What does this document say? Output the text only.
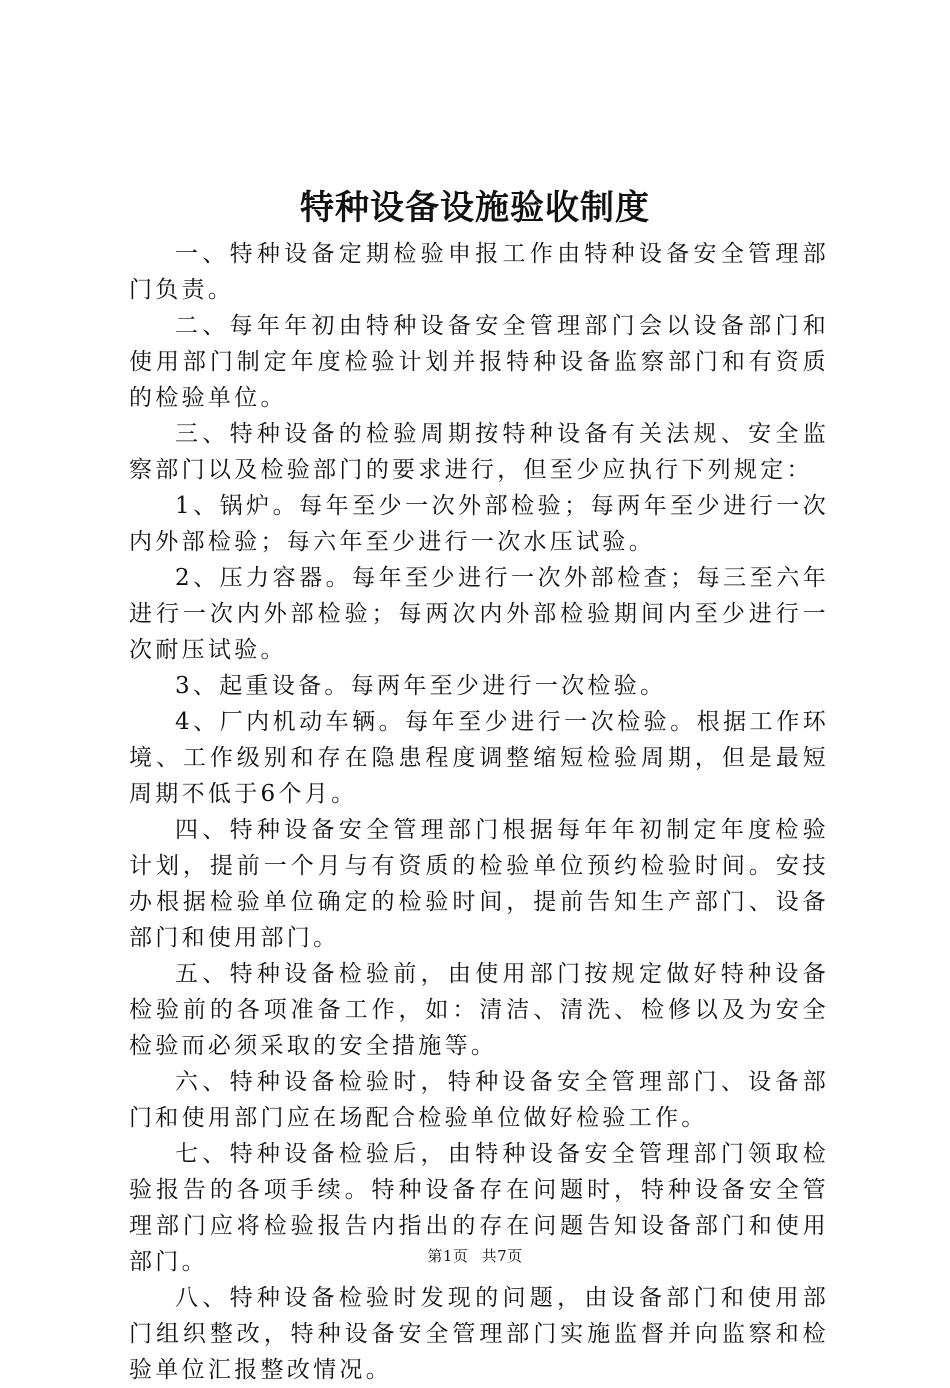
特种设备设施验收制度

一、特种设备定期检验申报工作由特种设备安全管理部门负责。

二、每年年初由特种设备安全管理部门会以设备部门和使用部门制定年度检验计划并报特种设备监察部门和有资质的检验单位。

三、特种设备的检验周期按特种设备有关法规、安全监察部门以及检验部门的要求进行，但至少应执行下列规定：

1、锅炉。每年至少一次外部检验；每两年至少进行一次内外部检验；每六年至少进行一次水压试验。

2、压力容器。每年至少进行一次外部检查；每三至六年进行一次内外部检验；每两次内外部检验期间内至少进行一次耐压试验。

3、起重设备。每两年至少进行一次检验。

4、厂内机动车辆。每年至少进行一次检验。根据工作环境、工作级别和存在隐患程度调整缩短检验周期，但是最短周期不低于6个月。

四、特种设备安全管理部门根据每年年初制定年度检验计划，提前一个月与有资质的检验单位预约检验时间。安技办根据检验单位确定的检验时间，提前告知生产部门、设备部门和使用部门。

五、特种设备检验前，由使用部门按规定做好特种设备检验前的各项准备工作，如：清洁、清洗、检修以及为安全检验而必须采取的安全措施等。

六、特种设备检验时，特种设备安全管理部门、设备部门和使用部门应在场配合检验单位做好检验工作。

七、特种设备检验后，由特种设备安全管理部门领取检验报告的各项手续。特种设备存在问题时，特种设备安全管理部门应将检验报告内指出的存在问题告知设备部门和使用部门。

八、特种设备检验时发现的问题，由设备部门和使用部门组织整改，特种设备安全管理部门实施监督并向监察和检验单位汇报整改情况。

第1页 共7页
